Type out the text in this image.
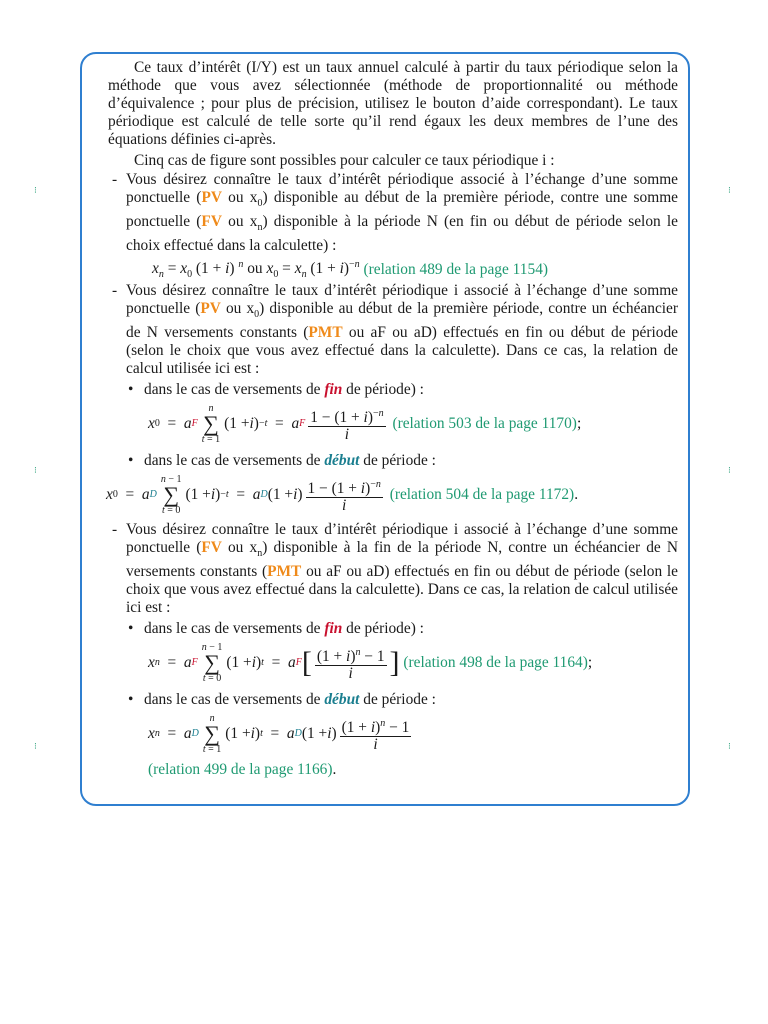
⁝	⁝
⁝	⁝
⁝	⁝
Ce taux d’intérêt (I/Y) est un taux annuel calculé à partir du taux périodique selon la méthode que vous avez sélectionnée (méthode de proportionnalité ou méthode d’équivalence ; pour plus de précision, utilisez le bouton d’aide correspondant). Le taux périodique est calculé de telle sorte qu’il rend égaux les deux membres de l’une des équations définies ci-après.
Cinq cas de figure sont possibles pour calculer ce taux périodique i :
- Vous désirez connaître le taux d’intérêt périodique associé à l’échange d’une somme ponctuelle (PV ou $x_0$) disponible au début de la première période, contre une somme ponctuelle (FV ou $x_n$) disponible à la période N (en fin ou début de période selon le choix effectué dans la calculette) :
$x_n = x_0$ (1 + i) $^n$ ou $x_0 = x_n$ $(1 + i)^{-n}$ (relation 489 de la page 1154)
- Vous désirez connaître le taux d’intérêt périodique i associé à l’échange d’une somme ponctuelle (PV ou $x_0$) disponible au début de la première période, contre un échéancier de N versements constants (PMT ou aF ou aD) effectués en fin ou début de période (selon le choix que vous avez effectué dans la calculette). Dans ce cas, la relation de calcul utilisée ici est :
• dans le cas de versements de fin de période) :
x 0 = a F
n
∑
t = 1
(1 + i ) −t = a F $\frac{1 - (1 + i)^{-n}}{i}$
(relation 503 de la page 1170) ;
• dans le cas de versements de début de période :
x 0 = a D
n − 1
∑
t = 0
(1 + i ) −t = a D (1 + i ) $\frac{1 - (1 + i)^{-n}}{i}$
(relation 504 de la page 1172) .
- Vous désirez connaître le taux d’intérêt périodique i associé à l’échange d’une somme ponctuelle (FV ou $x_n$) disponible à la fin de la période N, contre un échéancier de N versements constants (PMT ou aF ou aD) effectués en fin ou début de période (selon le choix que vous avez effectué dans la calculette). Dans ce cas, la relation de calcul utilisée ici est :
• dans le cas de versements de fin de période) :
x n = a F
n − 1
∑
t = 0
(1 + i ) t = a F [ $\frac{(1 + i)^n - 1}{i}$ ]
(relation 498 de la page 1164) ;
• dans le cas de versements de début de période :
x n = a D
n
∑
t = 1
(1 + i ) t = a D (1 + i ) $\frac{(1 + i)^n - 1}{i}$

(relation 499 de la page 1166).
